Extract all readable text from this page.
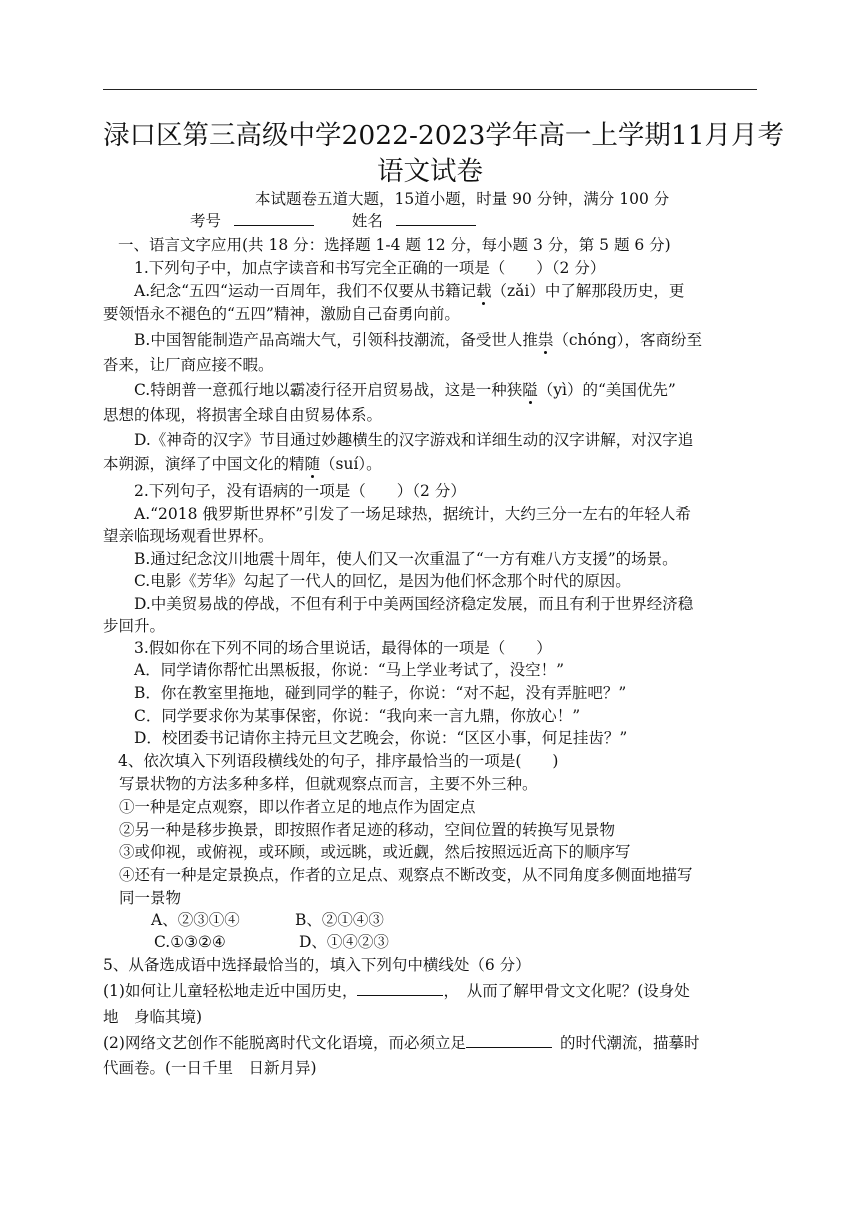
渌口区第三高级中学2022-2023学年高一上学期11月月考
语文试卷
本试题卷五道大题，15道小题，时量 90 分钟，满分 100 分
考号	姓名
一、语言文字应用(共 18 分：选择题 1-4 题 12 分，每小题 3 分，第 5 题 6 分)
1.下列句子中，加点字读音和书写完全正确的一项是（　　）（2 分）
A.纪念“五四“运动一百周年，我们不仅要从书籍记载（zǎi）中了解那段历史，更
要领悟永不褪色的“五四”精神，激励自己奋勇向前。
B.中国智能制造产品高端大气，引领科技潮流，备受世人推祟（chóng），客商纷至
沓来，让厂商应接不暇。
C.特朗普一意孤行地以霸凌行径开启贸易战，这是一种狭隘（yì）的“美国优先”
思想的体现，将损害全球自由贸易体系。
D.《神奇的汉字》节目通过妙趣横生的汉字游戏和详细生动的汉字讲解，对汉字追
本朔源，演绎了中国文化的精随（suí）。
2.下列句子，没有语病的一项是（　　）（2 分）
A.“2018 俄罗斯世界杯”引发了一场足球热，据统计，大约三分一左右的年轻人希
望亲临现场观看世界杯。
B.通过纪念汶川地震十周年，使人们又一次重温了“一方有难八方支援”的场景。
C.电影《芳华》勾起了一代人的回忆，是因为他们怀念那个时代的原因。
D.中美贸易战的停战，不但有利于中美两国经济稳定发展，而且有利于世界经济稳
步回升。
3.假如你在下列不同的场合里说话，最得体的一项是（　　）
A．同学请你帮忙出黑板报，你说：“马上学业考试了，没空！”
B．你在教室里拖地，碰到同学的鞋子，你说：“对不起，没有弄脏吧？”
C．同学要求你为某事保密，你说：“我向来一言九鼎，你放心！”
D．校团委书记请你主持元旦文艺晚会，你说：“区区小事，何足挂齿？”
4、依次填入下列语段横线处的句子，排序最恰当的一项是(　　)
写景状物的方法多种多样，但就观察点而言，主要不外三种。
①一种是定点观察，即以作者立足的地点作为固定点
②另一种是移步换景，即按照作者足迹的移动，空间位置的转换写见景物
③或仰视，或俯视，或环顾，或远眺，或近觑，然后按照远近高下的顺序写
④还有一种是定景换点，作者的立足点、观察点不断改变，从不同角度多侧面地描写
同一景物
A、②③①④	B、②①④③
C.①③②④	D、①④②③
5、从备选成语中选择最恰当的，填入下列句中横线处（6 分）
(1)如何让儿童轻松地走近中国历史，	，　从而了解甲骨文文化呢？(设身处
地　身临其境)
(2)网络文艺创作不能脱离时代文化语境，而必须立足	的时代潮流，描摹时
代画卷。(一日千里　日新月异)
